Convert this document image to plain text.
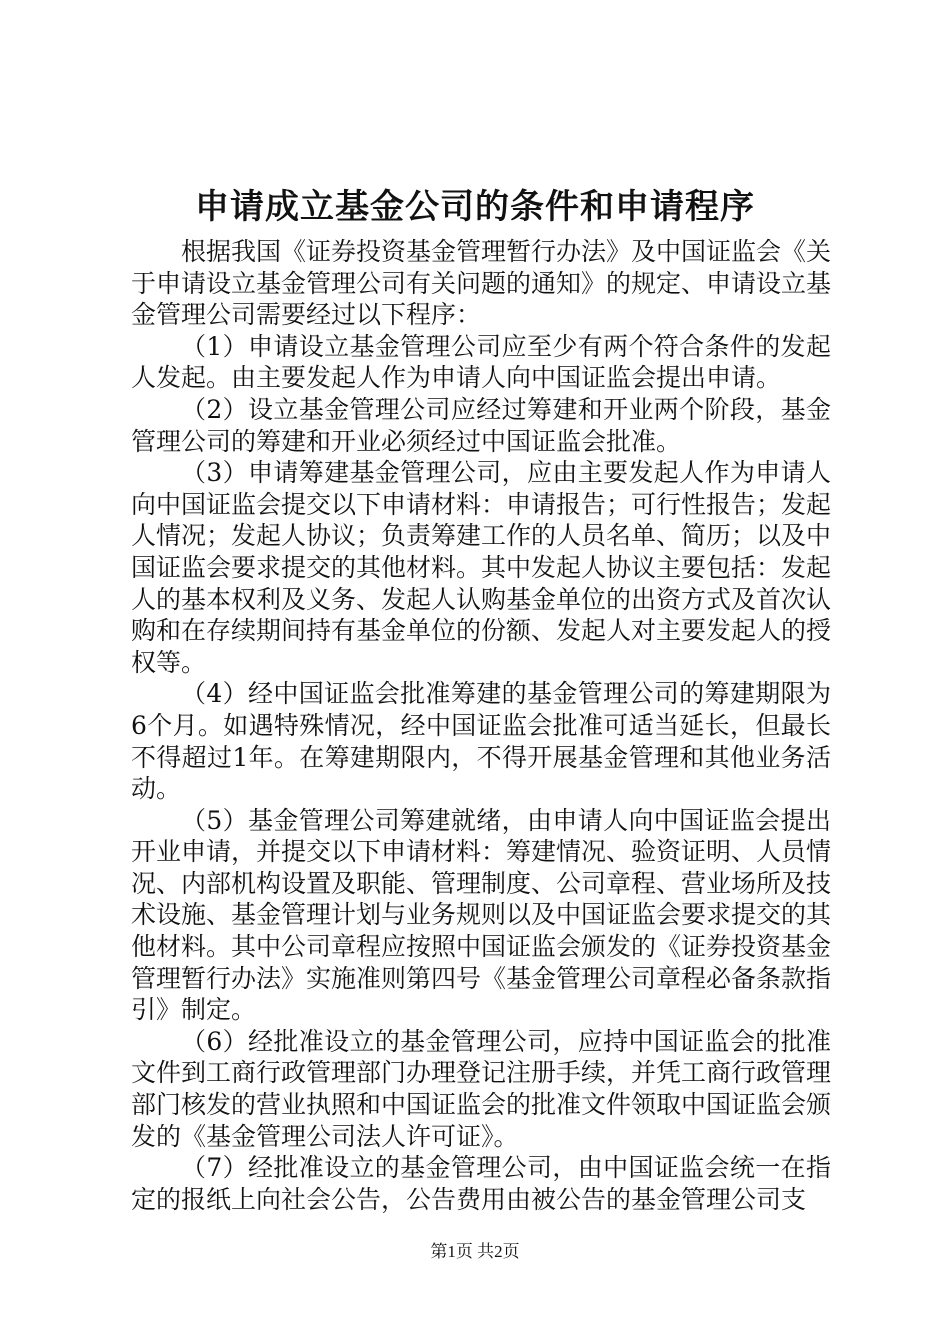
申请成立基金公司的条件和申请程序

根据我国《证券投资基金管理暂行办法》及中国证监会《关于申请设立基金管理公司有关问题的通知》的规定、申请设立基金管理公司需要经过以下程序：

（1）申请设立基金管理公司应至少有两个符合条件的发起人发起。由主要发起人作为申请人向中国证监会提出申请。

（2）设立基金管理公司应经过筹建和开业两个阶段，基金管理公司的筹建和开业必须经过中国证监会批准。

（3）申请筹建基金管理公司，应由主要发起人作为申请人向中国证监会提交以下申请材料：申请报告；可行性报告；发起人情况；发起人协议；负责筹建工作的人员名单、简历；以及中国证监会要求提交的其他材料。其中发起人协议主要包括：发起人的基本权利及义务、发起人认购基金单位的出资方式及首次认购和在存续期间持有基金单位的份额、发起人对主要发起人的授权等。

（4）经中国证监会批准筹建的基金管理公司的筹建期限为6个月。如遇特殊情况，经中国证监会批准可适当延长，但最长不得超过1年。在筹建期限内，不得开展基金管理和其他业务活动。

（5）基金管理公司筹建就绪，由申请人向中国证监会提出开业申请，并提交以下申请材料：筹建情况、验资证明、人员情况、内部机构设置及职能、管理制度、公司章程、营业场所及技术设施、基金管理计划与业务规则以及中国证监会要求提交的其他材料。其中公司章程应按照中国证监会颁发的《证券投资基金管理暂行办法》实施准则第四号《基金管理公司章程必备条款指引》制定。

（6）经批准设立的基金管理公司，应持中国证监会的批准文件到工商行政管理部门办理登记注册手续，并凭工商行政管理部门核发的营业执照和中国证监会的批准文件领取中国证监会颁发的《基金管理公司法人许可证》。

（7）经批准设立的基金管理公司，由中国证监会统一在指定的报纸上向社会公告，公告费用由被公告的基金管理公司支

第1页 共2页
